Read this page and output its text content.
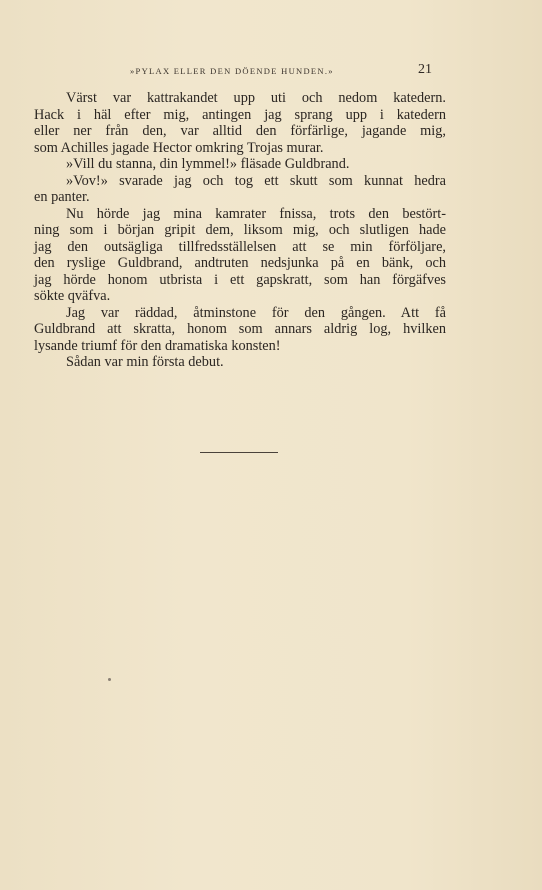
»PYLAX ELLER DEN DÖENDE HUNDEN.»	21
Värst var kattrakandet upp uti och nedom katedern.
Hack i häl efter mig, antingen jag sprang upp i katedern
eller ner från den, var alltid den förfärlige, jagande mig,
som Achilles jagade Hector omkring Trojas murar.
»Vill du stanna, din lymmel!» fläsade Guldbrand.
»Vov!» svarade jag och tog ett skutt som kunnat hedra
en panter.
Nu hörde jag mina kamrater fnissa, trots den bestört-
ning som i början gripit dem, liksom mig, och slutligen hade
jag den outsägliga tillfredsställelsen att se min förföljare,
den ryslige Guldbrand, andtruten nedsjunka på en bänk, och
jag hörde honom utbrista i ett gapskratt, som han förgäfves
sökte qväfva.
Jag var räddad, åtminstone för den gången. Att få
Guldbrand att skratta, honom som annars aldrig log, hvilken
lysande triumf för den dramatiska konsten!
Sådan var min första debut.
